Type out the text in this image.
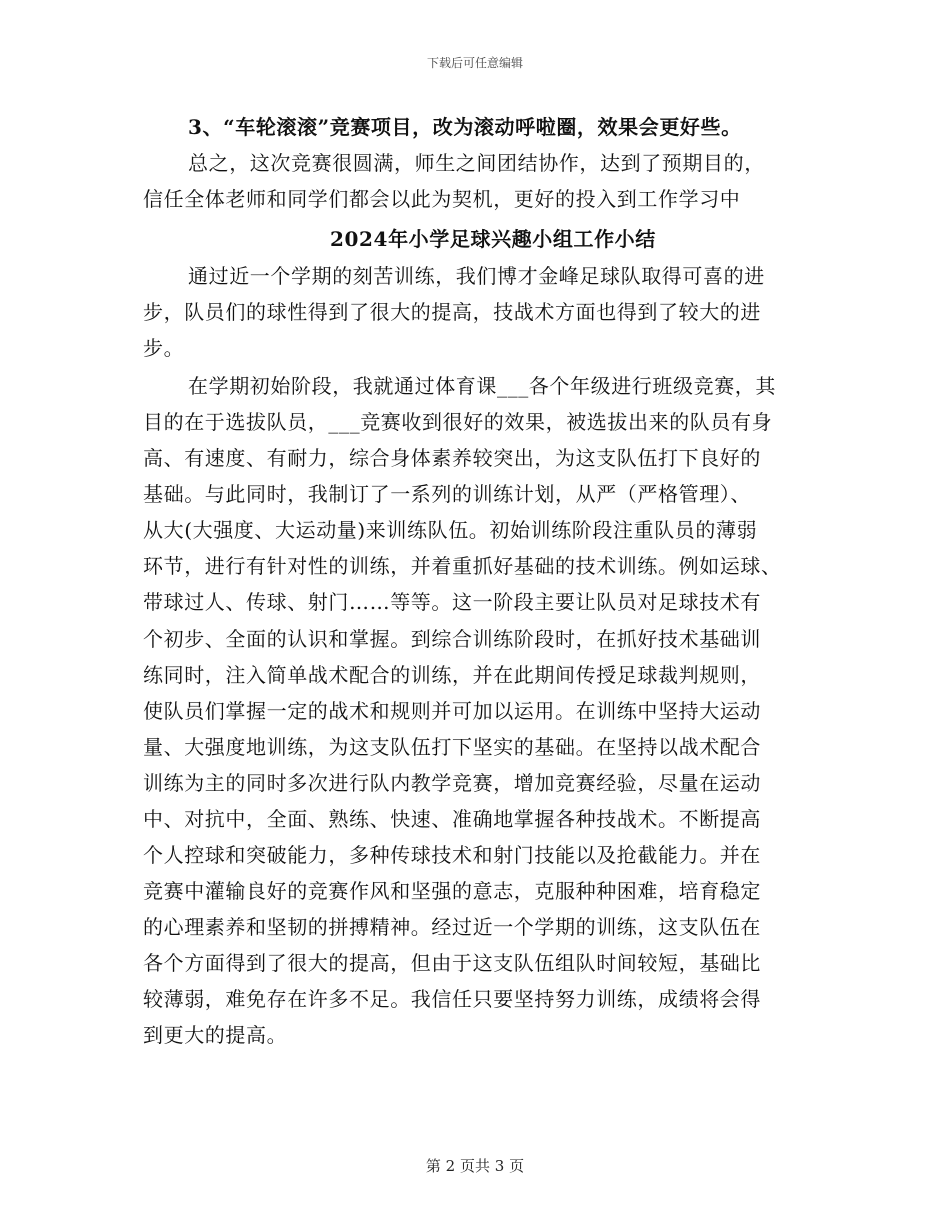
下载后可任意编辑
3、“车轮滚滚”竞赛项目，改为滚动呼啦圈，效果会更好些。
总之，这次竞赛很圆满，师生之间团结协作，达到了预期目的，
信任全体老师和同学们都会以此为契机，更好的投入到工作学习中
2024年小学足球兴趣小组工作小结
通过近一个学期的刻苦训练，我们博才金峰足球队取得可喜的进
步，队员们的球性得到了很大的提高，技战术方面也得到了较大的进
步。
在学期初始阶段，我就通过体育课___各个年级进行班级竞赛，其
目的在于选拔队员，___竞赛收到很好的效果，被选拔出来的队员有身
高、有速度、有耐力，综合身体素养较突出，为这支队伍打下良好的
基础。与此同时，我制订了一系列的训练计划，从严（严格管理）、
从大(大强度、大运动量)来训练队伍。初始训练阶段注重队员的薄弱
环节，进行有针对性的训练，并着重抓好基础的技术训练。例如运球、
带球过人、传球、射门……等等。这一阶段主要让队员对足球技术有
个初步、全面的认识和掌握。到综合训练阶段时，在抓好技术基础训
练同时，注入简单战术配合的训练，并在此期间传授足球裁判规则，
使队员们掌握一定的战术和规则并可加以运用。在训练中坚持大运动
量、大强度地训练，为这支队伍打下坚实的基础。在坚持以战术配合
训练为主的同时多次进行队内教学竞赛，增加竞赛经验，尽量在运动
中、对抗中，全面、熟练、快速、准确地掌握各种技战术。不断提高
个人控球和突破能力，多种传球技术和射门技能以及抢截能力。并在
竞赛中灌输良好的竞赛作风和坚强的意志，克服种种困难，培育稳定
的心理素养和坚韧的拼搏精神。经过近一个学期的训练，这支队伍在
各个方面得到了很大的提高，但由于这支队伍组队时间较短，基础比
较薄弱，难免存在许多不足。我信任只要坚持努力训练，成绩将会得
到更大的提高。
第 2 页共 3 页
